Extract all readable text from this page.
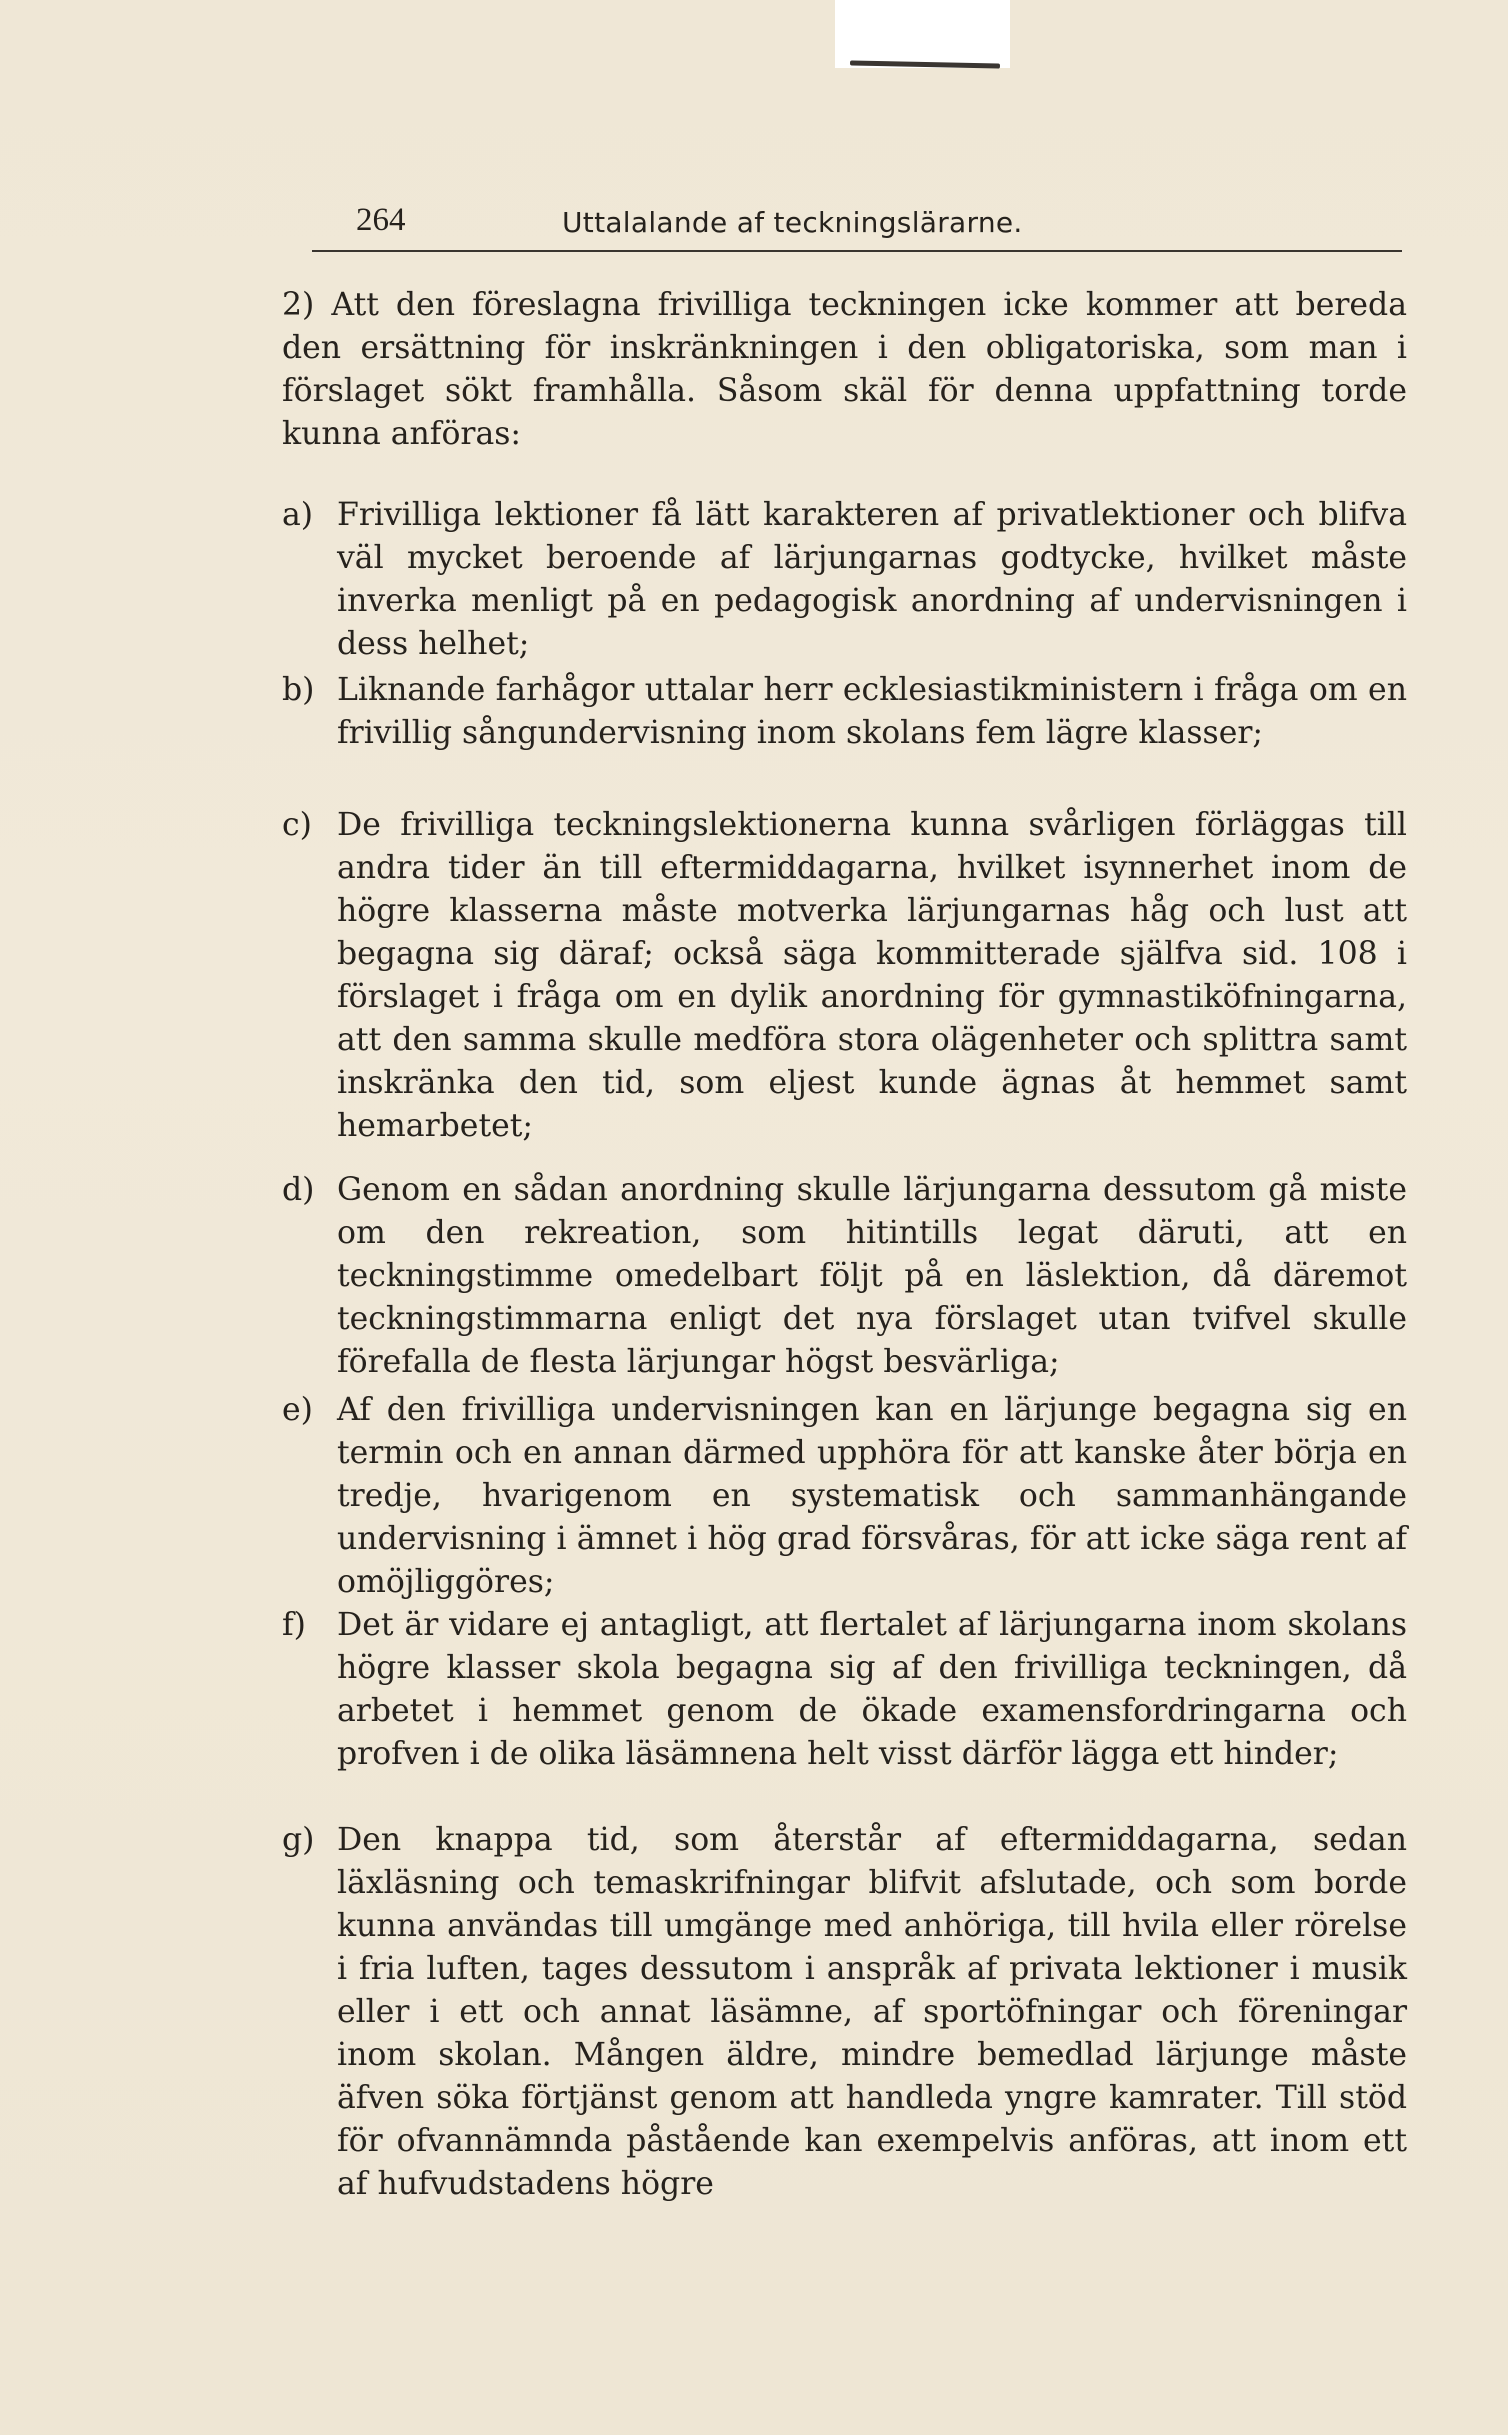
264	Uttalalande af teckningslärarne.

2) Att den föreslagna frivilliga teckningen icke kommer att bereda den ersättning för inskränkningen i den obligatoriska, som man i förslaget sökt framhålla. Såsom skäl för denna uppfattning torde kunna anföras:

a) Frivilliga lektioner få lätt karakteren af privatlektioner och blifva väl mycket beroende af lärjungarnas godtycke, hvilket måste inverka menligt på en pedagogisk anordning af undervisningen i dess helhet;

b) Liknande farhågor uttalar herr ecklesiastikministern i fråga om en frivillig sångundervisning inom skolans fem lägre klasser;

c) De frivilliga teckningslektionerna kunna svårligen förläggas till andra tider än till eftermiddagarna, hvilket isynnerhet inom de högre klasserna måste motverka lärjungarnas håg och lust att begagna sig däraf; också säga kommitterade själfva sid. 108 i förslaget i fråga om en dylik anordning för gymnastiköfningarna, att den samma skulle medföra stora olägenheter och splittra samt inskränka den tid, som eljest kunde ägnas åt hemmet samt hemarbetet;

d) Genom en sådan anordning skulle lärjungarna dessutom gå miste om den rekreation, som hitintills legat däruti, att en teckningstimme omedelbart följt på en läslektion, då däremot teckningstimmarna enligt det nya förslaget utan tvifvel skulle förefalla de flesta lärjungar högst besvärliga;

e) Af den frivilliga undervisningen kan en lärjunge begagna sig en termin och en annan därmed upphöra för att kanske åter börja en tredje, hvarigenom en systematisk och sammanhängande undervisning i ämnet i hög grad försvåras, för att icke säga rent af omöjliggöres;

f) Det är vidare ej antagligt, att flertalet af lärjungarna inom skolans högre klasser skola begagna sig af den frivilliga teckningen, då arbetet i hemmet genom de ökade examensfordringarna och profven i de olika läsämnena helt visst därför lägga ett hinder;

g) Den knappa tid, som återstår af eftermiddagarna, sedan läxläsning och temaskrifningar blifvit afslutade, och som borde kunna användas till umgänge med anhöriga, till hvila eller rörelse i fria luften, tages dessutom i anspråk af privata lektioner i musik eller i ett och annat läsämne, af sportöfningar och föreningar inom skolan. Mången äldre, mindre bemedlad lärjunge måste äfven söka förtjänst genom att handleda yngre kamrater. Till stöd för ofvannämnda påstående kan exempelvis anföras, att inom ett af hufvudstadens högre
